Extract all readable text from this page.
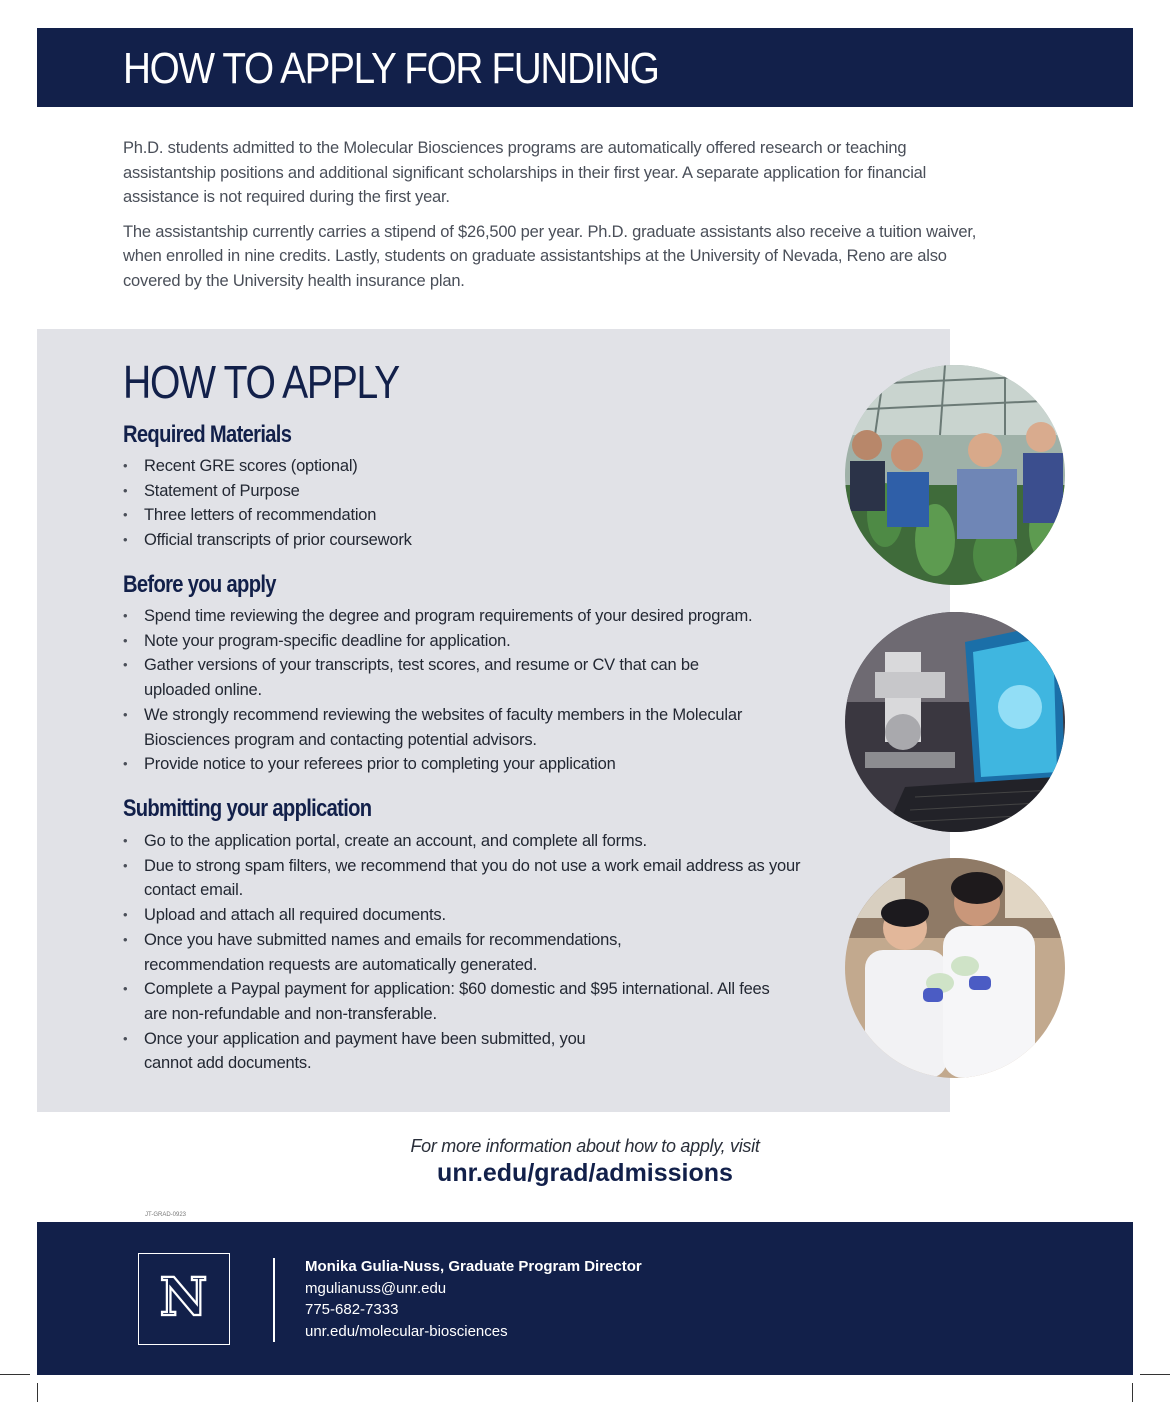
HOW TO APPLY FOR FUNDING

Ph.D. students admitted to the Molecular Biosciences programs are automatically offered research or teaching assistantship positions and additional significant scholarships in their first year. A separate application for financial assistance is not required during the first year.

The assistantship currently carries a stipend of $26,500 per year. Ph.D. graduate assistants also receive a tuition waiver, when enrolled in nine credits. Lastly, students on graduate assistantships at the University of Nevada, Reno are also covered by the University health insurance plan.

HOW TO APPLY
Required Materials
• Recent GRE scores (optional)
• Statement of Purpose
• Three letters of recommendation
• Official transcripts of prior coursework
Before you apply
• Spend time reviewing the degree and program requirements of your desired program.
• Note your program-specific deadline for application.
• Gather versions of your transcripts, test scores, and resume or CV that can be uploaded online.
• We strongly recommend reviewing the websites of faculty members in the Molecular Biosciences program and contacting potential advisors.
• Provide notice to your referees prior to completing your application
Submitting your application
• Go to the application portal, create an account, and complete all forms.
• Due to strong spam filters, we recommend that you do not use a work email address as your contact email.
• Upload and attach all required documents.
• Once you have submitted names and emails for recommendations, recommendation requests are automatically generated.
• Complete a Paypal payment for application: $60 domestic and $95 international. All fees are non-refundable and non-transferable.
• Once your application and payment have been submitted, you cannot add documents.
For more information about how to apply, visit
unr.edu/grad/admissions
JT-GRAD-0923
N
Monika Gulia-Nuss, Graduate Program Director
mgulianuss@unr.edu
775-682-7333
unr.edu/molecular-biosciences
